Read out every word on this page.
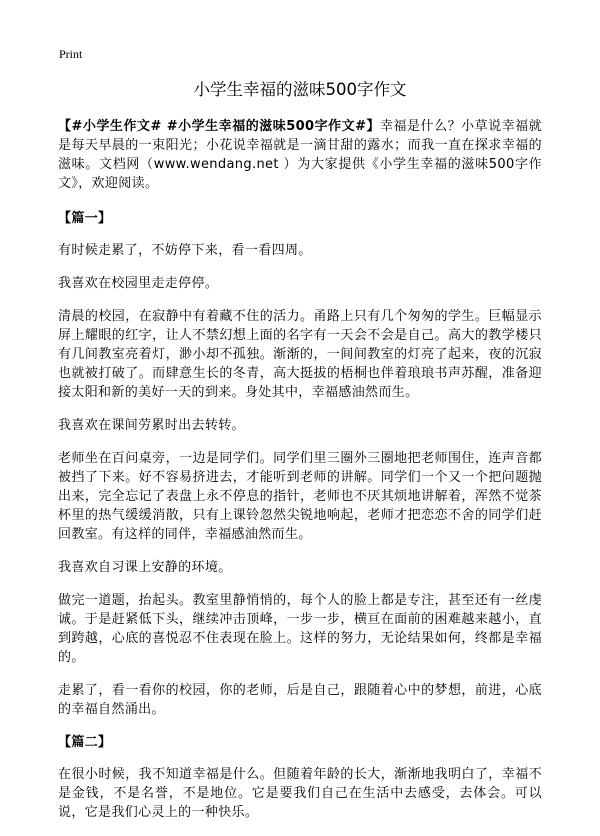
Print
小学生幸福的滋味500字作文

【#小学生作文# #小学生幸福的滋味500字作文#】幸福是什么？小草说幸福就是每天早晨的一束阳光；小花说幸福就是一滴甘甜的露水；而我一直在探求幸福的滋味。文档网（www.wendang.net ）为大家提供《小学生幸福的滋味500字作文》，欢迎阅读。

【篇一】

有时候走累了，不妨停下来，看一看四周。

我喜欢在校园里走走停停。

清晨的校园，在寂静中有着藏不住的活力。甬路上只有几个匆匆的学生。巨幅显示屏上耀眼的红字，让人不禁幻想上面的名字有一天会不会是自己。高大的教学楼只有几间教室亮着灯，渺小却不孤独。渐渐的，一间间教室的灯亮了起来，夜的沉寂也就被打破了。而肆意生长的冬青，高大挺拔的梧桐也伴着琅琅书声苏醒，准备迎接太阳和新的美好一天的到来。身处其中，幸福感油然而生。

我喜欢在课间劳累时出去转转。

老师坐在百问桌旁，一边是同学们。同学们里三圈外三圈地把老师围住，连声音都被挡了下来。好不容易挤进去，才能听到老师的讲解。同学们一个又一个把问题抛出来，完全忘记了表盘上永不停息的指针，老师也不厌其烦地讲解着，浑然不觉茶杯里的热气缓缓消散，只有上课铃忽然尖锐地响起，老师才把恋恋不舍的同学们赶回教室。有这样的同伴，幸福感油然而生。

我喜欢自习课上安静的环境。

做完一道题，抬起头。教室里静悄悄的，每个人的脸上都是专注，甚至还有一丝虔诚。于是赶紧低下头，继续冲击顶峰，一步一步，横亘在面前的困难越来越小，直到跨越，心底的喜悦忍不住表现在脸上。这样的努力，无论结果如何，终都是幸福的。

走累了，看一看你的校园，你的老师，后是自己，跟随着心中的梦想，前进，心底的幸福自然涌出。

【篇二】

在很小时候，我不知道幸福是什么。但随着年龄的长大，渐渐地我明白了，幸福不是金钱，不是名誉，不是地位。它是要我们自己在生活中去感受，去体会。可以说，它是我们心灵上的一种快乐。
